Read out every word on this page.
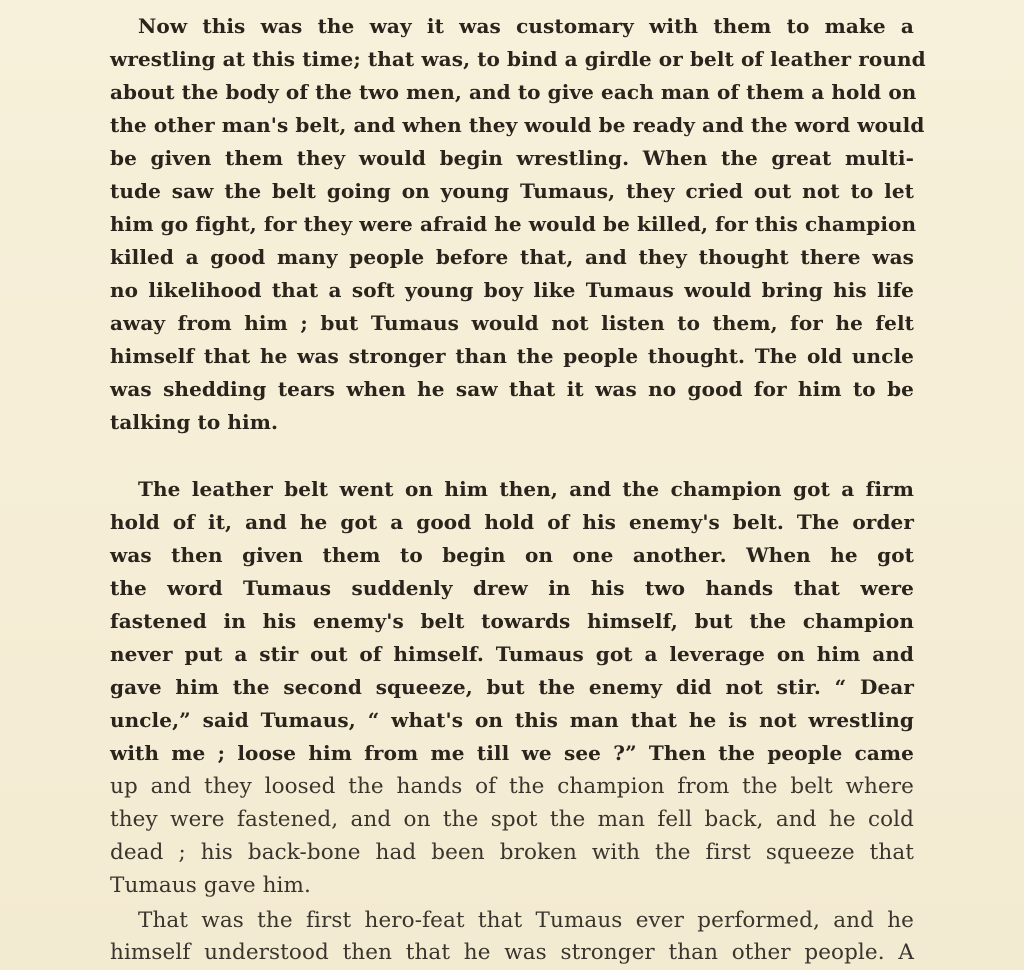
Now this was the way it was customary with them to make a

wrestling at this time; that was, to bind a girdle or belt of leather round

about the body of the two men, and to give each man of them a hold on

the other man's belt, and when they would be ready and the word would

be given them they would begin wrestling. When the great multi-

tude saw the belt going on young Tumaus, they cried out not to let

him go fight, for they were afraid he would be killed, for this champion

killed a good many people before that, and they thought there was

no likelihood that a soft young boy like Tumaus would bring his life

away from him ; but Tumaus would not listen to them, for he felt

himself that he was stronger than the people thought. The old uncle

was shedding tears when he saw that it was no good for him to be

talking to him.

The leather belt went on him then, and the champion got a firm

hold of it, and he got a good hold of his enemy's belt. The order

was then given them to begin on one another. When he got

the word Tumaus suddenly drew in his two hands that were

fastened in his enemy's belt towards himself, but the champion

never put a stir out of himself. Tumaus got a leverage on him and

gave him the second squeeze, but the enemy did not stir. “ Dear

uncle,” said Tumaus, “ what's on this man that he is not wrestling

with me ; loose him from me till we see ?” Then the people came

up and they loosed the hands of the champion from the belt where

they were fastened, and on the spot the man fell back, and he cold

dead ; his back-bone had been broken with the first squeeze that

Tumaus gave him.

That was the first hero-feat that Tumaus ever performed, and he

himself understood then that he was stronger than other people. A
